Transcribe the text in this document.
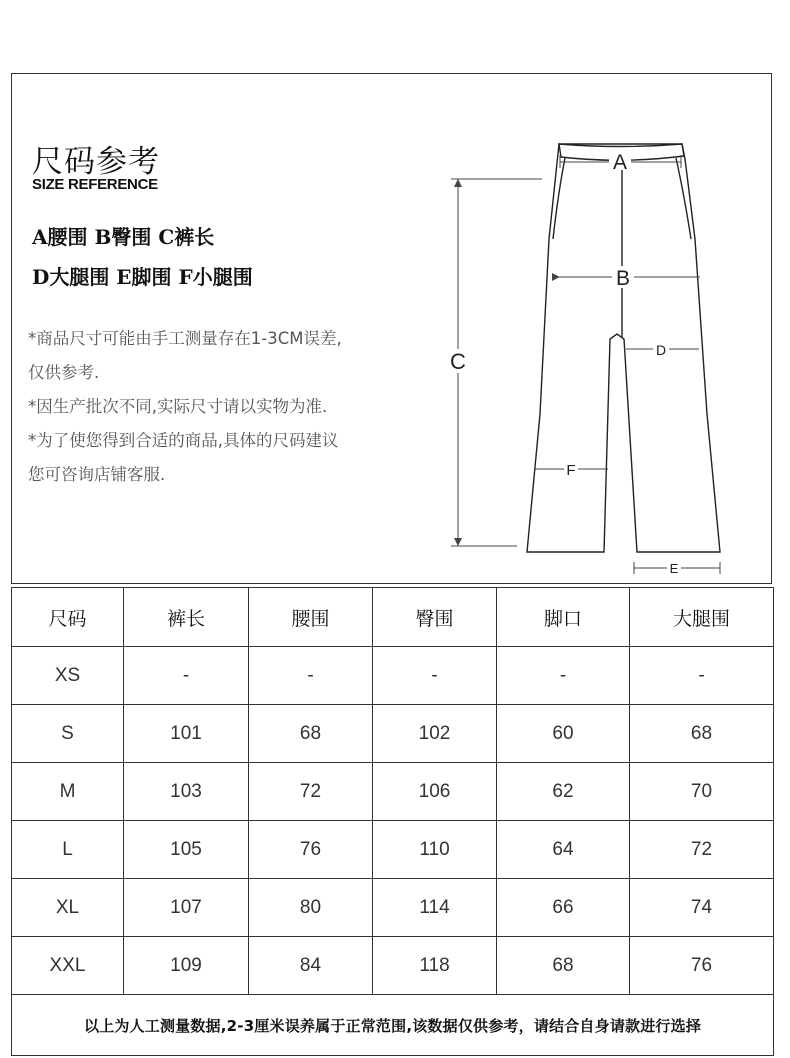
尺码参考
SIZE REFERENCE
A腰围 B臀围 C裤长
D大腿围 E脚围 F小腿围
*商品尺寸可能由手工测量存在1-3CM误差,
仅供参考.
*因生产批次不同,实际尺寸请以实物为准.
*为了使您得到合适的商品,具体的尺码建议
您可咨询店铺客服.
A
B
C	D
E
F
尺码	裤长	腰围	臀围	脚口	大腿围
XS	-	-	-	-	-
S	101	68	102	60	68
M	103	72	106	62	70
L	105	76	110	64	72
XL	107	80	114	66	74
XXL	109	84	118	68	76
以上为人工测量数据,2-3厘米误养属于正常范围,该数据仅供参考，请结合自身请款进行选择					
